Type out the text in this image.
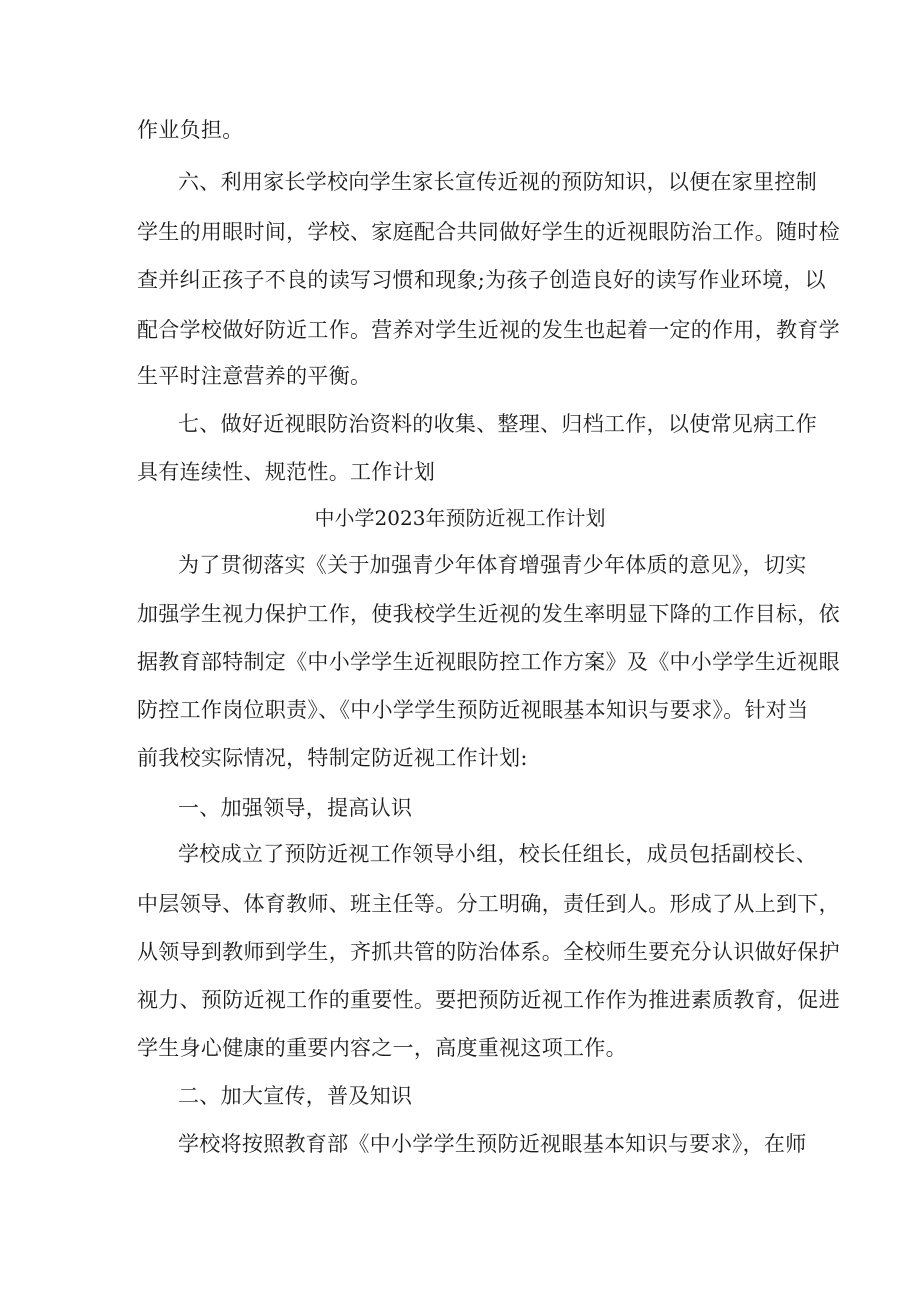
作业负担。
六、利用家长学校向学生家长宣传近视的预防知识，以便在家里控制
学生的用眼时间，学校、家庭配合共同做好学生的近视眼防治工作。随时检
查并纠正孩子不良的读写习惯和现象;为孩子创造良好的读写作业环境，以
配合学校做好防近工作。营养对学生近视的发生也起着一定的作用，教育学
生平时注意营养的平衡。
七、做好近视眼防治资料的收集、整理、归档工作，以使常见病工作
具有连续性、规范性。工作计划
中小学2023年预防近视工作计划
为了贯彻落实《关于加强青少年体育增强青少年体质的意见》，切实
加强学生视力保护工作，使我校学生近视的发生率明显下降的工作目标，依
据教育部特制定《中小学学生近视眼防控工作方案》及《中小学学生近视眼
防控工作岗位职责》、《中小学学生预防近视眼基本知识与要求》。针对当
前我校实际情况，特制定防近视工作计划:
一、加强领导，提高认识
学校成立了预防近视工作领导小组，校长任组长，成员包括副校长、
中层领导、体育教师、班主任等。分工明确，责任到人。形成了从上到下，
从领导到教师到学生，齐抓共管的防治体系。全校师生要充分认识做好保护
视力、预防近视工作的重要性。要把预防近视工作作为推进素质教育，促进
学生身心健康的重要内容之一，高度重视这项工作。
二、加大宣传，普及知识
学校将按照教育部《中小学学生预防近视眼基本知识与要求》，在师
